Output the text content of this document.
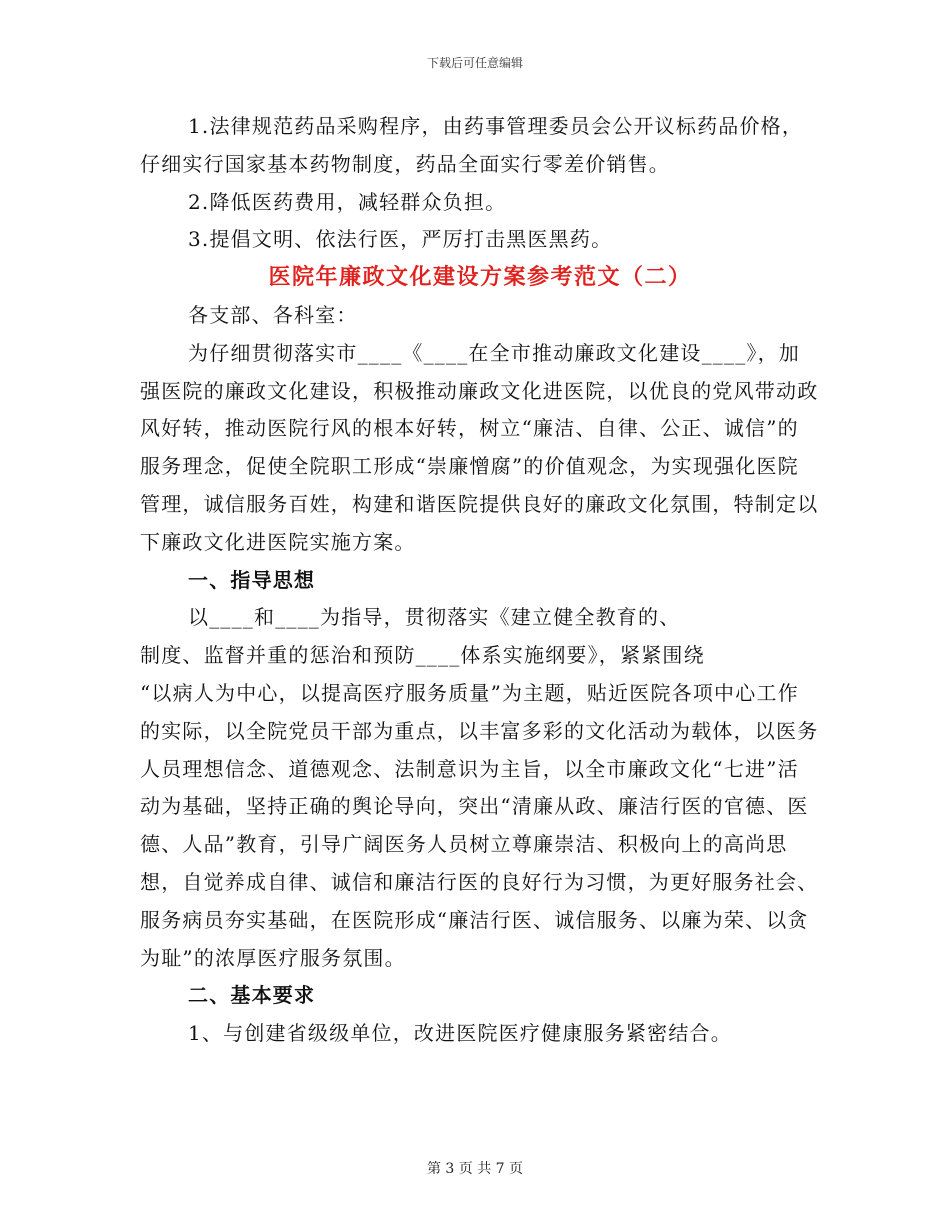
下载后可任意编辑

1.法律规范药品采购程序，由药事管理委员会公开议标药品价格，仔细实行国家基本药物制度，药品全面实行零差价销售。

2.降低医药费用，减轻群众负担。

3.提倡文明、依法行医，严厉打击黑医黑药。

医院年廉政文化建设方案参考范文（二）

各支部、各科室：

为仔细贯彻落实市____《____在全市推动廉政文化建设____》，加强医院的廉政文化建设，积极推动廉政文化进医院，以优良的党风带动政风好转，推动医院行风的根本好转，树立“廉洁、自律、公正、诚信”的服务理念，促使全院职工形成“崇廉憎腐”的价值观念，为实现强化医院管理，诚信服务百姓，构建和谐医院提供良好的廉政文化氛围，特制定以下廉政文化进医院实施方案。

一、指导思想

以____和____为指导，贯彻落实《建立健全教育的、

制度、监督并重的惩治和预防____体系实施纲要》，紧紧围绕

“以病人为中心，以提高医疗服务质量”为主题，贴近医院各项中心工作的实际，以全院党员干部为重点，以丰富多彩的文化活动为载体，以医务人员理想信念、道德观念、法制意识为主旨，以全市廉政文化“七进”活动为基础，坚持正确的舆论导向，突出“清廉从政、廉洁行医的官德、医德、人品”教育，引导广阔医务人员树立尊廉崇洁、积极向上的高尚思想，自觉养成自律、诚信和廉洁行医的良好行为习惯，为更好服务社会、服务病员夯实基础，在医院形成“廉洁行医、诚信服务、以廉为荣、以贪为耻”的浓厚医疗服务氛围。

二、基本要求

1、与创建省级级单位，改进医院医疗健康服务紧密结合。

第 3 页 共 7 页
